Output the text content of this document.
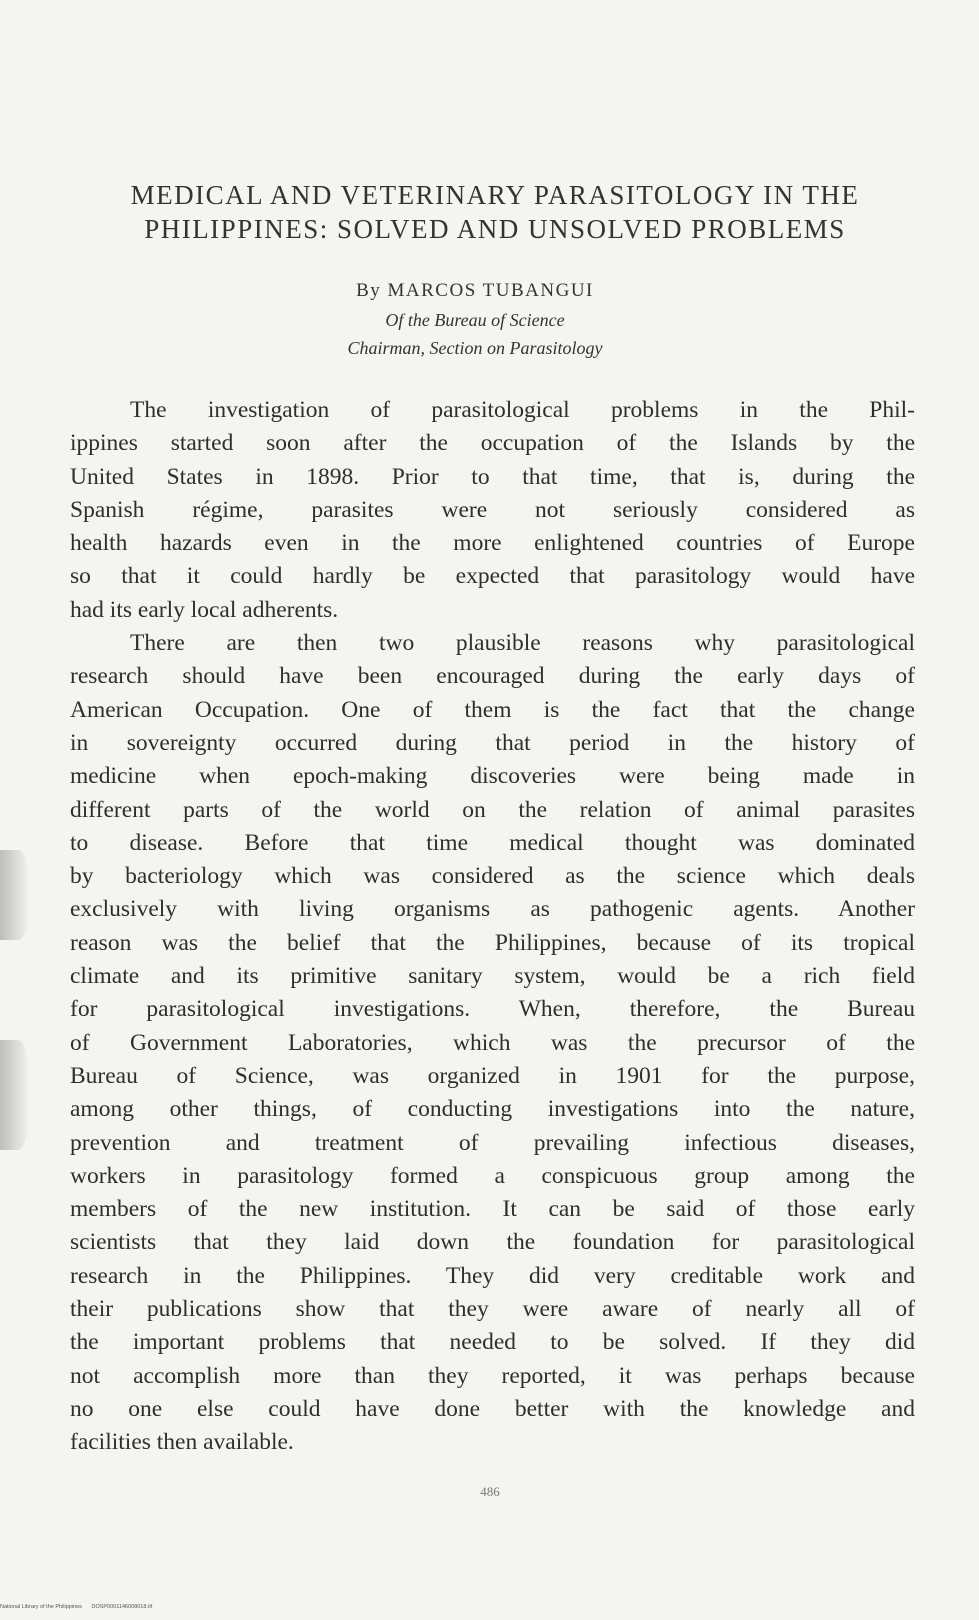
MEDICAL AND VETERINARY PARASITOLOGY IN THE
PHILIPPINES: SOLVED AND UNSOLVED PROBLEMS
By MARCOS TUBANGUI
Of the Bureau of Science
Chairman, Section on Parasitology
The investigation of parasitological problems in the Phil-
ippines started soon after the occupation of the Islands by the
United States in 1898. Prior to that time, that is, during the
Spanish régime, parasites were not seriously considered as
health hazards even in the more enlightened countries of Europe
so that it could hardly be expected that parasitology would have
had its early local adherents.
There are then two plausible reasons why parasitological
research should have been encouraged during the early days of
American Occupation. One of them is the fact that the change
in sovereignty occurred during that period in the history of
medicine when epoch-making discoveries were being made in
different parts of the world on the relation of animal parasites
to disease. Before that time medical thought was dominated
by bacteriology which was considered as the science which deals
exclusively with living organisms as pathogenic agents. Another
reason was the belief that the Philippines, because of its tropical
climate and its primitive sanitary system, would be a rich field
for parasitological investigations. When, therefore, the Bureau
of Government Laboratories, which was the precursor of the
Bureau of Science, was organized in 1901 for the purpose,
among other things, of conducting investigations into the nature,
prevention and treatment of prevailing infectious diseases,
workers in parasitology formed a conspicuous group among the
members of the new institution. It can be said of those early
scientists that they laid down the foundation for parasitological
research in the Philippines. They did very creditable work and
their publications show that they were aware of nearly all of
the important problems that needed to be solved. If they did
not accomplish more than they reported, it was perhaps because
no one else could have done better with the knowledge and
facilities then available.
486
National Library of the Philippines DOSP0001146008018.tif
